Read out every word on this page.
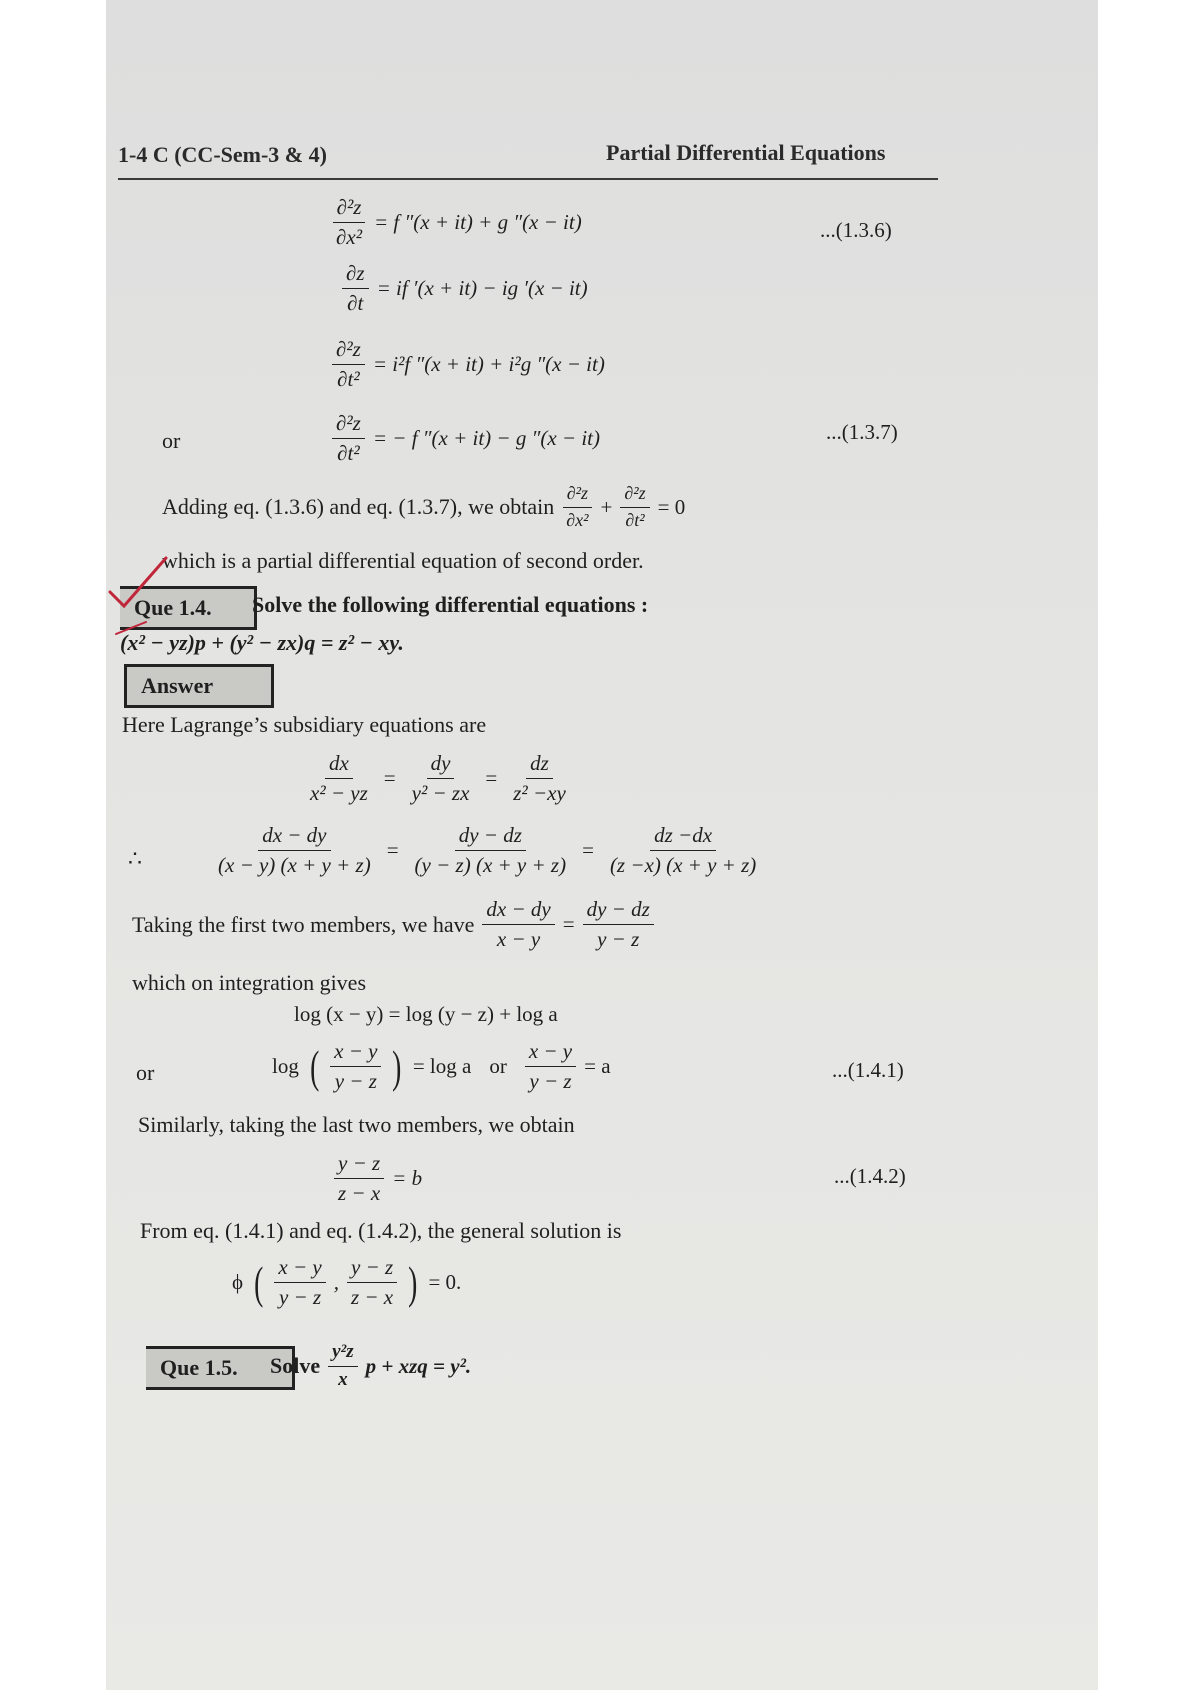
1-4 C (CC-Sem-3 & 4)	Partial Differential Equations
$\frac{\text{∂²z}}{\text{∂x²}} = f$ ″(x + it) + g ″(x − it)	...(1.3.6)
$\frac{\partial z}{\partial t}$ = if ′(x + it) − ig ′(x − it)
$\frac{\text{∂²z}}{\text{∂t²}} = i^2f$ ″(x + it) + i²g ″(x − it)
or	$\frac{\text{∂²z}}{\text{∂t²}}$ = − f ″(x + it) − g ″(x − it)	...(1.3.7)
Adding eq. (1.3.6) and eq. (1.3.7), we obtain $\frac{\text{∂²z}}{\text{∂x²}} + \frac{\text{∂²z}}{\text{∂t²}} = 0$
which is a partial differential equation of second order.
Que 1.4.	Solve the following differential equations :
(x² − yz)p + (y² − zx)q = z² − xy.
Answer
Here Lagrange’s subsidiary equations are
$\frac{dx}{\text{x² − yz}} = \frac{dy}{\text{y² − zx}} = \frac{dz}{\text{z² −xy}}$
∴	$\frac{dx - dy}{(x - y) (x + y + z)} = \frac{dy - dz}{(y - z) (x + y + z)} = \frac{dz -dx}{(z -x) (x + y + z)}$
Taking the first two members, we have $\frac{dx - dy}{x - y} = \frac{dy - dz}{y - z}$
which on integration gives
log (x − y) = log (y − z) + log a
or	log ( $\frac{x - y}{y - z}$ ) = log a or $\frac{x - y}{y - z} = a$	...(1.4.1)
Similarly, taking the last two members, we obtain
$\frac{y - z}{z - x} = b$	...(1.4.2)
From eq. (1.4.1) and eq. (1.4.2), the general solution is
ϕ ( $\frac{x - y}{y - z}$ , $\frac{y - z}{z - x}$ ) = 0.
Que 1.5.	Solve $\frac{\text{y²z}}{x}$ p + xzq = y².
